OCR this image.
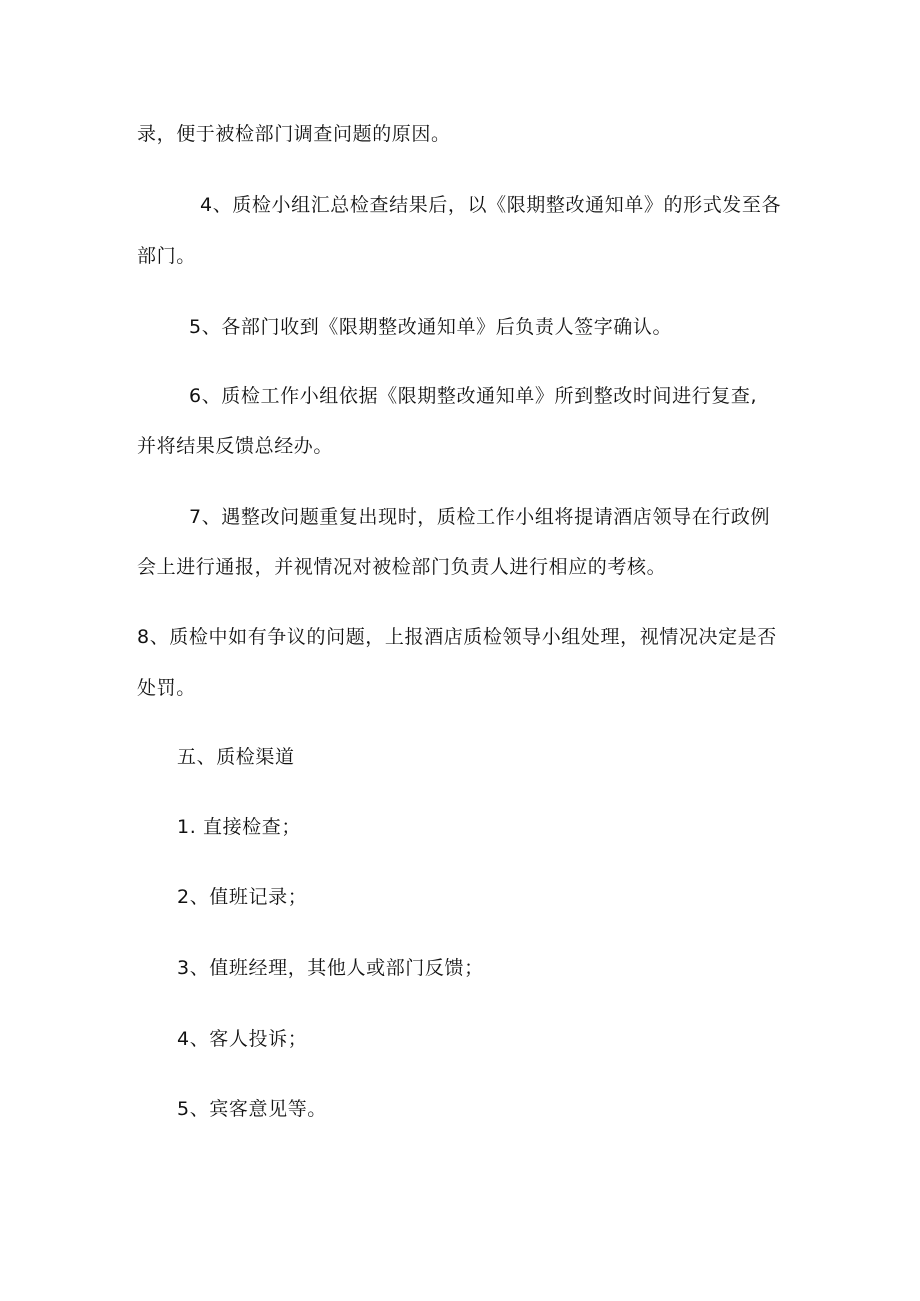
录，便于被检部门调查问题的原因。
4、质检小组汇总检查结果后，以《限期整改通知单》的形式发至各
部门。
5、各部门收到《限期整改通知单》后负责人签字确认。
6、质检工作小组依据《限期整改通知单》所到整改时间进行复查,
并将结果反馈总经办。
7、遇整改问题重复出现时，质检工作小组将提请酒店领导在行政例
会上进行通报，并视情况对被检部门负责人进行相应的考核。
8、质检中如有争议的问题，上报酒店质检领导小组处理，视情况决定是否
处罚。
五、质检渠道
1. 直接检查；
2、值班记录；
3、值班经理，其他人或部门反馈；
4、客人投诉；
5、宾客意见等。
